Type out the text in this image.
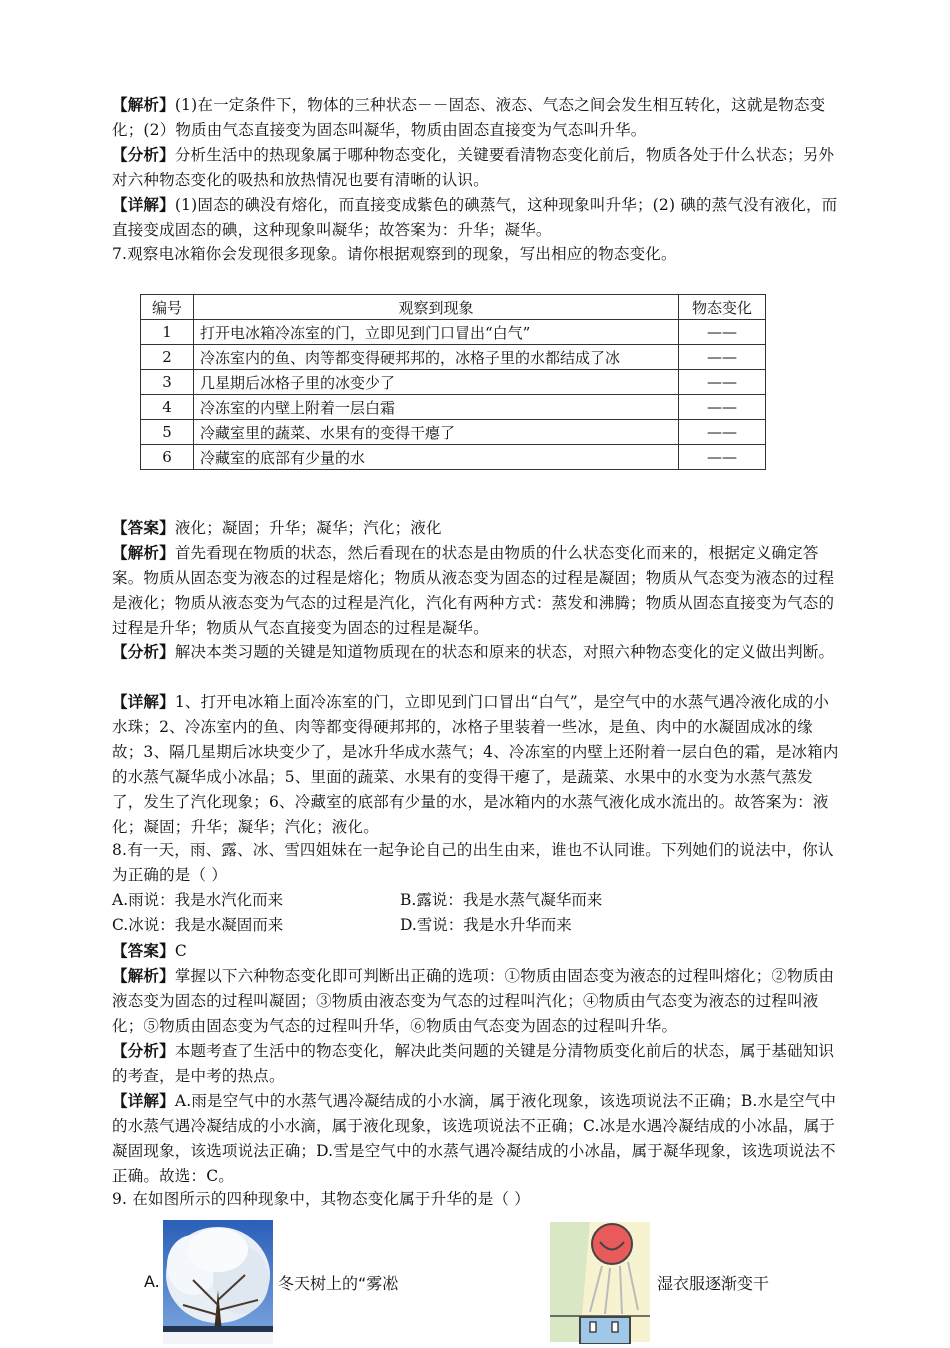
【解析】(1)在一定条件下，物体的三种状态－－固态、液态、气态之间会发生相互转化，这就是物态变化；(2）物质由气态直接变为固态叫凝华，物质由固态直接变为气态叫升华。
【分析】分析生活中的热现象属于哪种物态变化，关键要看清物态变化前后，物质各处于什么状态；另外对六种物态变化的吸热和放热情况也要有清晰的认识。
【详解】(1)固态的碘没有熔化，而直接变成紫色的碘蒸气，这种现象叫升华；(2) 碘的蒸气没有液化，而直接变成固态的碘，这种现象叫凝华；故答案为：升华；凝华。
7.观察电冰箱你会发现很多现象。请你根据观察到的现象，写出相应的物态变化。
编号	观察到现象	物态变化
1	打开电冰箱冷冻室的门，立即见到门口冒出“白气”	——
2	冷冻室内的鱼、肉等都变得硬邦邦的，冰格子里的水都结成了冰	——
3	几星期后冰格子里的冰变少了	——
4	冷冻室的内壁上附着一层白霜	——
5	冷藏室里的蔬菜、水果有的变得干瘪了	——
6	冷藏室的底部有少量的水	——
【答案】液化；凝固；升华；凝华；汽化；液化
【解析】首先看现在物质的状态，然后看现在的状态是由物质的什么状态变化而来的，根据定义确定答案。物质从固态变为液态的过程是熔化；物质从液态变为固态的过程是凝固；物质从气态变为液态的过程是液化；物质从液态变为气态的过程是汽化，汽化有两种方式：蒸发和沸腾；物质从固态直接变为气态的过程是升华；物质从气态直接变为固态的过程是凝华。
【分析】解决本类习题的关键是知道物质现在的状态和原来的状态，对照六种物态变化的定义做出判断。
【详解】1、打开电冰箱上面冷冻室的门，立即见到门口冒出“白气”，是空气中的水蒸气遇冷液化成的小水珠；2、冷冻室内的鱼、肉等都变得硬邦邦的，冰格子里装着一些冰，是鱼、肉中的水凝固成冰的缘故；3、隔几星期后冰块变少了，是冰升华成水蒸气；4、冷冻室的内壁上还附着一层白色的霜，是冰箱内的水蒸气凝华成小冰晶；5、里面的蔬菜、水果有的变得干瘪了，是蔬菜、水果中的水变为水蒸气蒸发了，发生了汽化现象；6、冷藏室的底部有少量的水，是冰箱内的水蒸气液化成水流出的。故答案为：液化；凝固；升华；凝华；汽化；液化。
8.有一天，雨、露、冰、雪四姐妹在一起争论自己的出生由来，谁也不认同谁。下列她们的说法中，你认为正确的是（ ）
A.雨说：我是水汽化而来	B.露说：我是水蒸气凝华而来
C.冰说：我是水凝固而来	D.雪说：我是水升华而来
【答案】C
【解析】掌握以下六种物态变化即可判断出正确的选项：①物质由固态变为液态的过程叫熔化；②物质由液态变为固态的过程叫凝固；③物质由液态变为气态的过程叫汽化；④物质由气态变为液态的过程叫液化；⑤物质由固态变为气态的过程叫升华，⑥物质由气态变为固态的过程叫升华。
【分析】本题考查了生活中的物态变化，解决此类问题的关键是分清物质变化前后的状态，属于基础知识的考查，是中考的热点。
【详解】A.雨是空气中的水蒸气遇冷凝结成的小水滴，属于液化现象，该选项说法不正确；B.水是空气中的水蒸气遇冷凝结成的小水滴，属于液化现象，该选项说法不正确；C.冰是水遇冷凝结成的小冰晶，属于凝固现象，该选项说法正确；D.雪是空气中的水蒸气遇冷凝结成的小冰晶，属于凝华现象，该选项说法不正确。故选：C。
9. 在如图所示的四种现象中，其物态变化属于升华的是（ ）
A.	冬天树上的“雾凇	湿衣服逐渐变干
